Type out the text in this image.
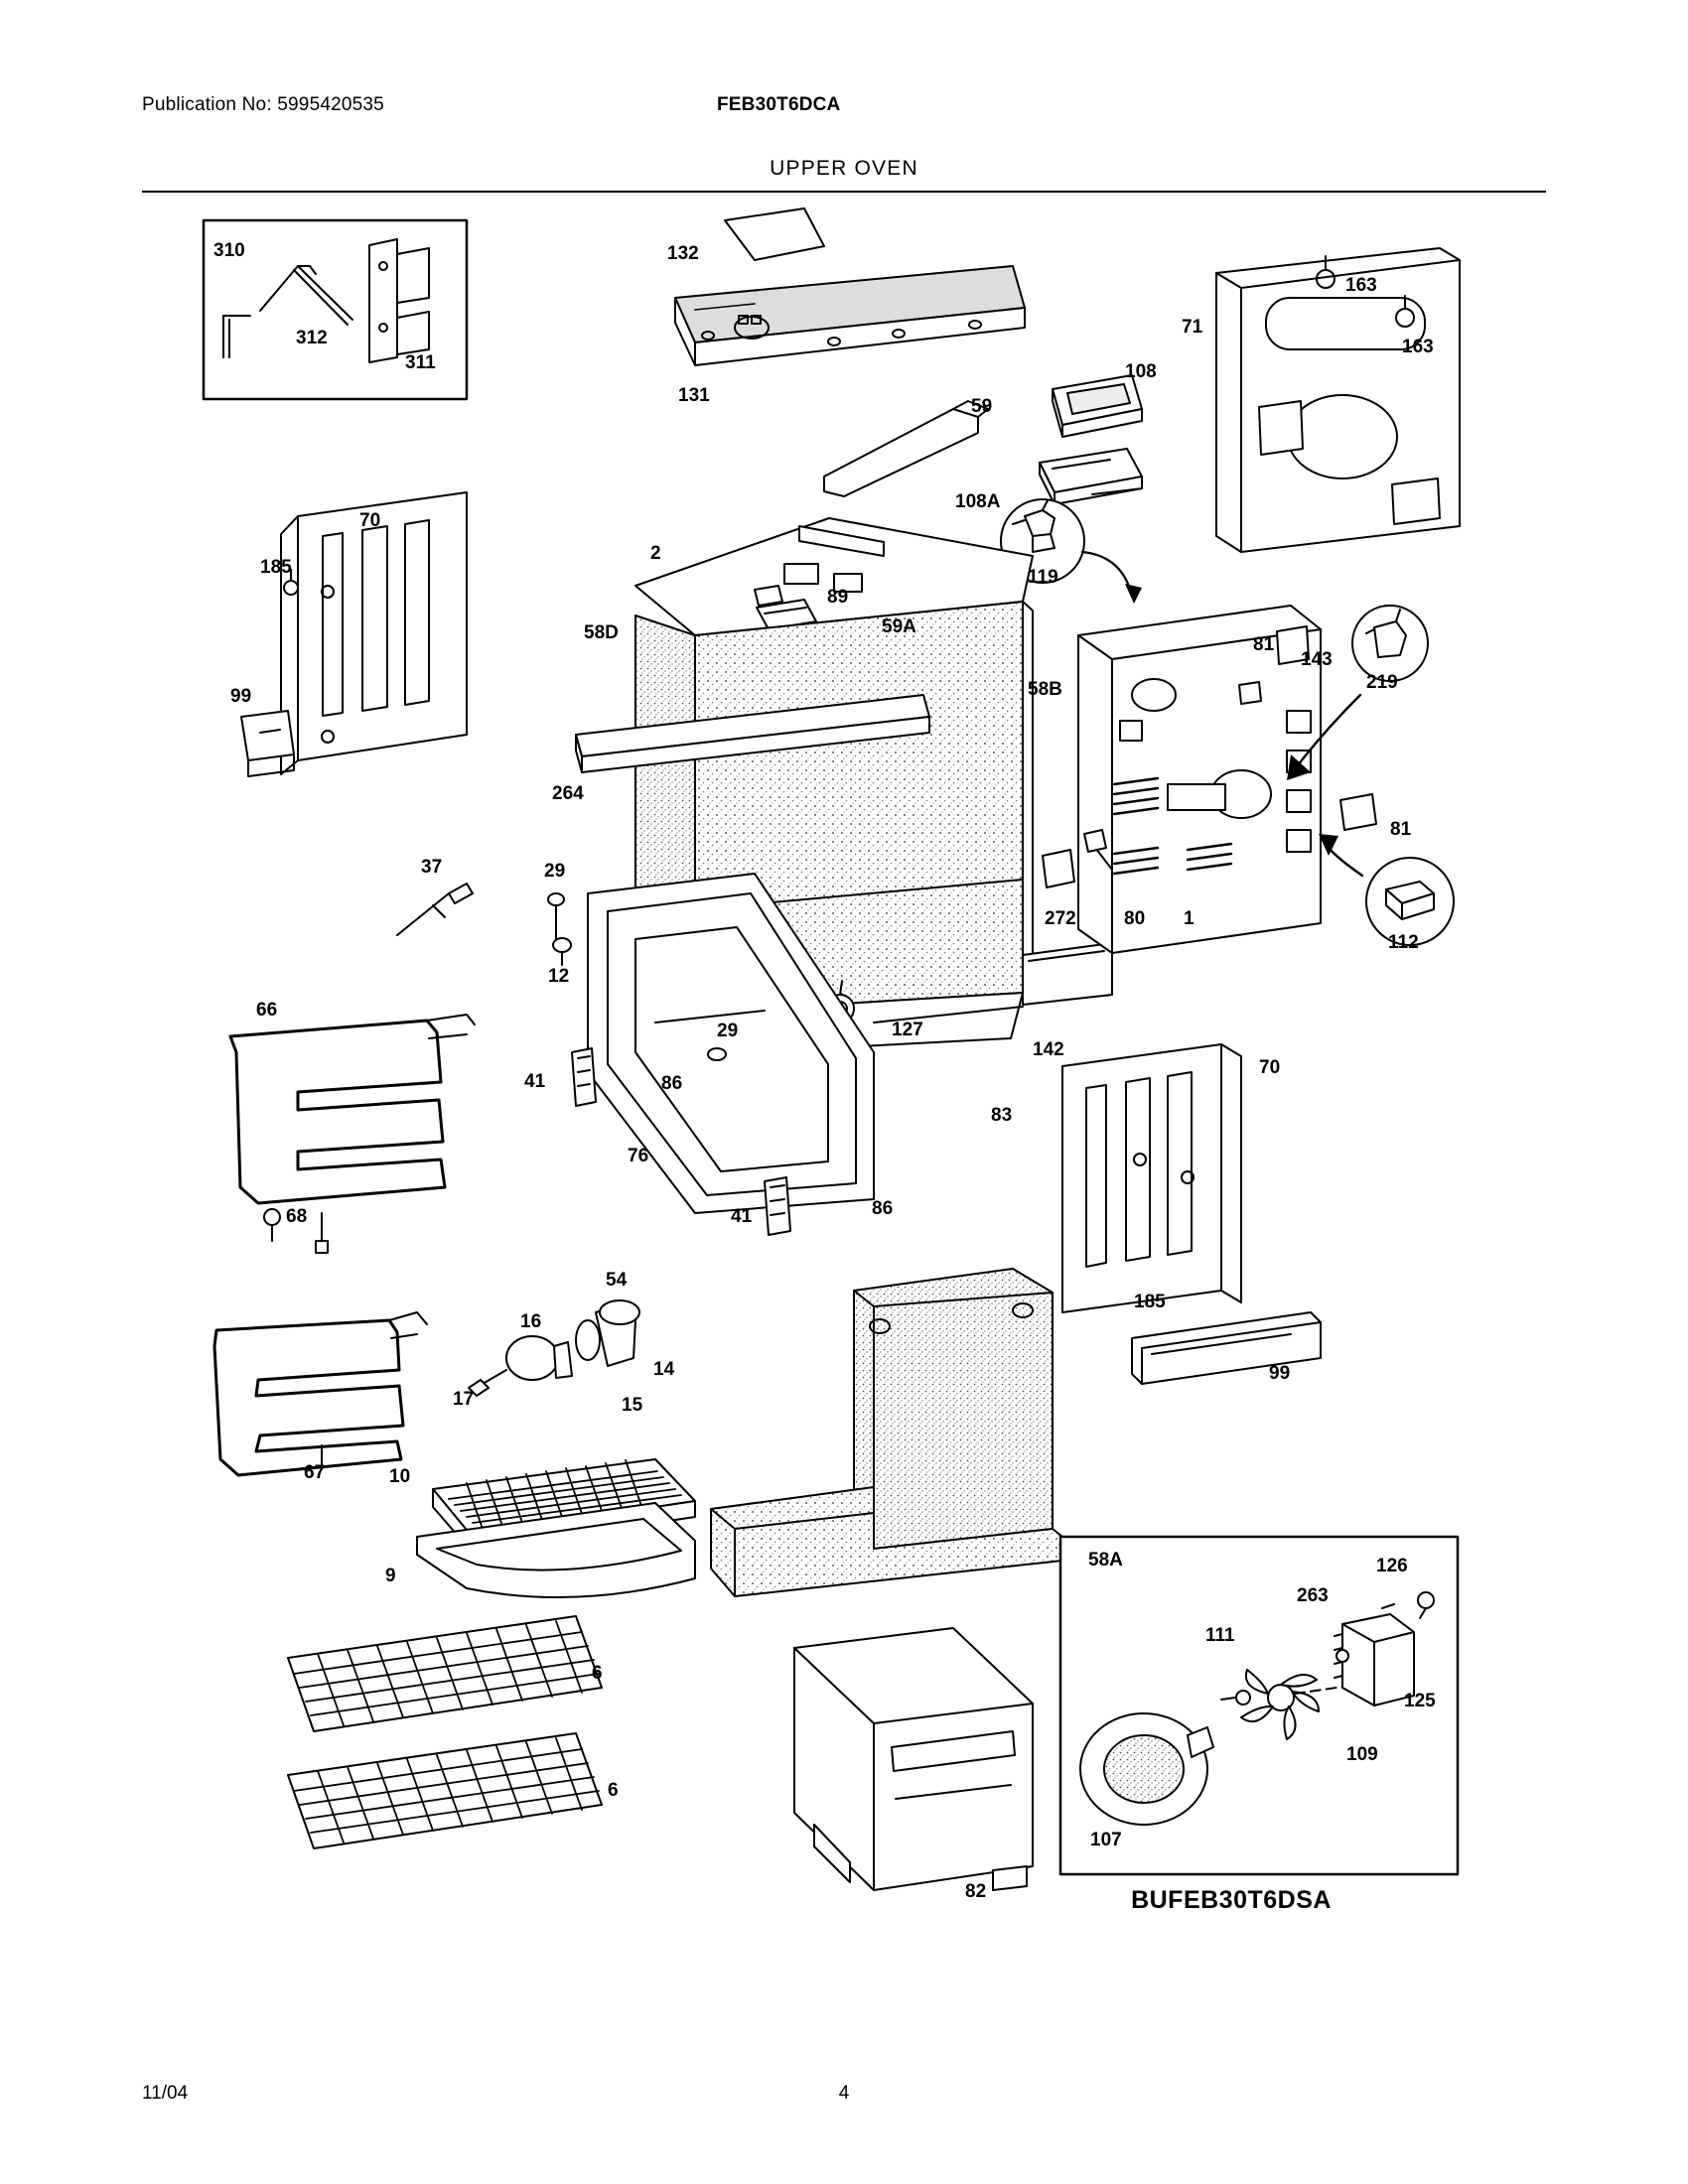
Publication No: 5995420535	FEB30T6DCA
UPPER OVEN
310
312
311
132
131
59
108
108A
119
163
163
71
70
185
99
2
89
59A
58D
58B
81
143
219
81
112
264
272	80 1
37	29
12
66
29	127
142
83
41	86
76
41	86
68
70
185
99
54
16
14
17	15
67	10
9
58A	126
263
111
125
109
107
6
6
82	BUFEB30T6DSA
11/04	4
